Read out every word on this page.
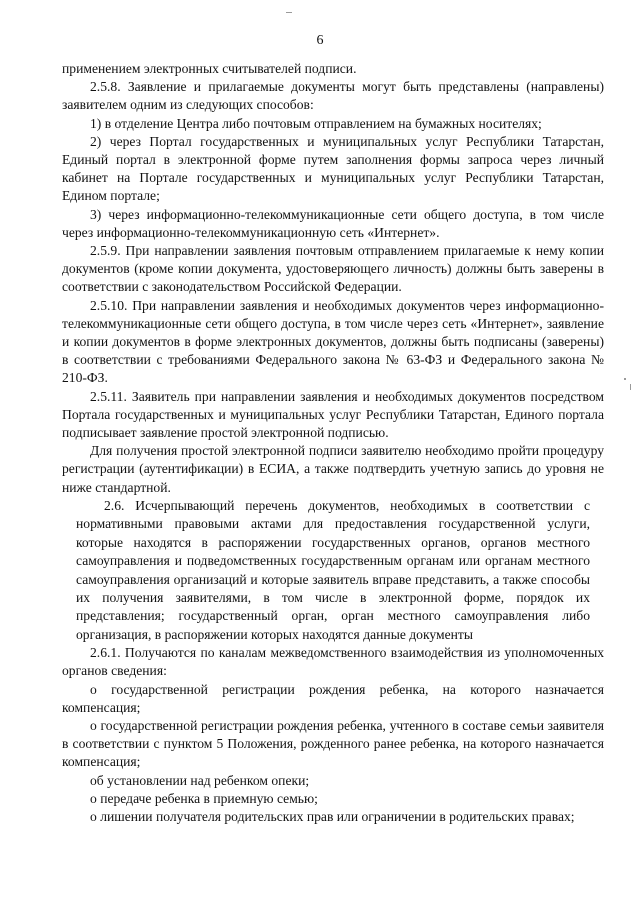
6

применением электронных считывателей подписи.

2.5.8. Заявление и прилагаемые документы могут быть представлены (направлены) заявителем одним из следующих способов:

1) в отделение Центра либо почтовым отправлением на бумажных носителях;

2) через Портал государственных и муниципальных услуг Республики Татарстан, Единый портал в электронной форме путем заполнения формы запроса через личный кабинет на Портале государственных и муниципальных услуг Республики Татарстан, Едином портале;

3) через информационно-телекоммуникационные сети общего доступа, в том числе через информационно-телекоммуникационную сеть «Интернет».

2.5.9. При направлении заявления почтовым отправлением прилагаемые к нему копии документов (кроме копии документа, удостоверяющего личность) должны быть заверены в соответствии с законодательством Российской Федерации.

2.5.10. При направлении заявления и необходимых документов через информационно-телекоммуникационные сети общего доступа, в том числе через сеть «Интернет», заявление и копии документов в форме электронных документов, должны быть подписаны (заверены) в соответствии с требованиями Федерального закона № 63-ФЗ и Федерального закона № 210-ФЗ.

2.5.11. Заявитель при направлении заявления и необходимых документов посредством Портала государственных и муниципальных услуг Республики Татарстан, Единого портала подписывает заявление простой электронной подписью.

Для получения простой электронной подписи заявителю необходимо пройти процедуру регистрации (аутентификации) в ЕСИА, а также подтвердить учетную запись до уровня не ниже стандартной.

2.6. Исчерпывающий перечень документов, необходимых в соответствии с нормативными правовыми актами для предоставления государственной услуги, которые находятся в распоряжении государственных органов, органов местного самоуправления и подведомственных государственным органам или органам местного самоуправления организаций и которые заявитель вправе представить, а также способы их получения заявителями, в том числе в электронной форме, порядок их представления; государственный орган, орган местного самоуправления либо организация, в распоряжении которых находятся данные документы

2.6.1. Получаются по каналам межведомственного взаимодействия из уполномоченных органов сведения:

о государственной регистрации рождения ребенка, на которого назначается компенсация;

о государственной регистрации рождения ребенка, учтенного в составе семьи заявителя в соответствии с пунктом 5 Положения, рожденного ранее ребенка, на которого назначается компенсация;

об установлении над ребенком опеки;

о передаче ребенка в приемную семью;

о лишении получателя родительских прав или ограничении в родительских правах;
